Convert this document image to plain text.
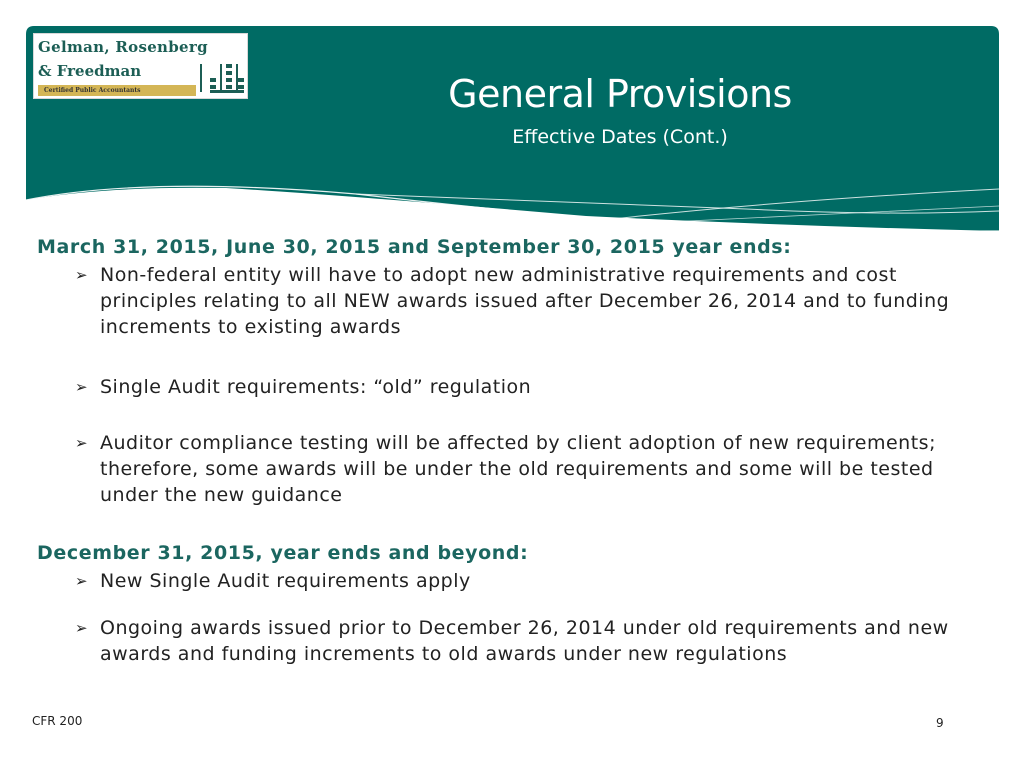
Gelman, Rosenberg
& Freedman
Certified Public Accountants	General Provisions
Effective Dates (Cont.)

March 31, 2015, June 30, 2015 and September 30, 2015 year ends:

➢ Non-federal entity will have to adopt new administrative requirements and cost principles relating to all NEW awards issued after December 26, 2014 and to funding increments to existing awards
➢ Single Audit requirements: “old” regulation
➢ Auditor compliance testing will be affected by client adoption of new requirements; therefore, some awards will be under the old requirements and some will be tested under the new guidance

December 31, 2015, year ends and beyond:

➢ New Single Audit requirements apply
➢ Ongoing awards issued prior to December 26, 2014 under old requirements and new awards and funding increments to old awards under new regulations
CFR 200	9
